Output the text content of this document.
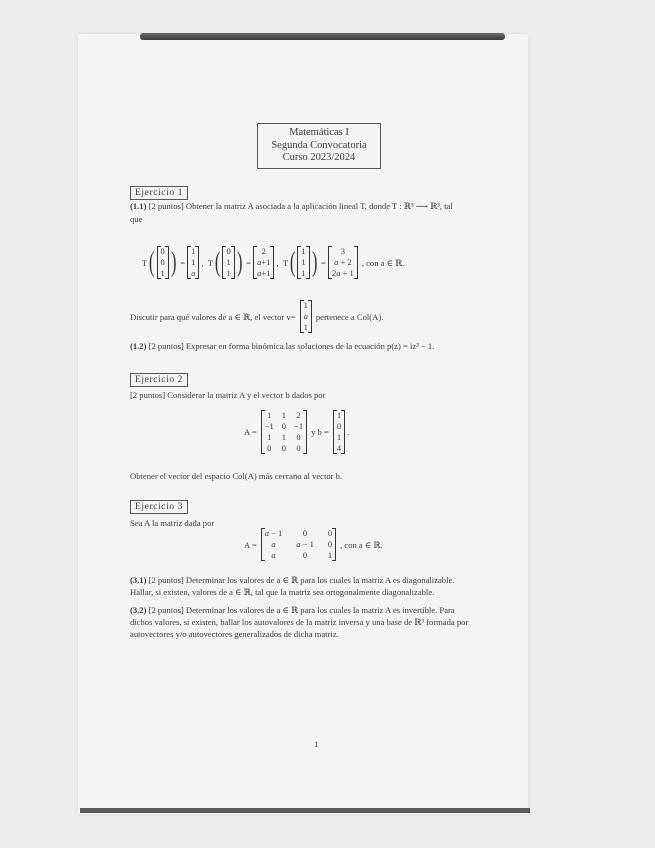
Matemáticas I
Segunda Convocatoria
Curso 2023/2024
Ejercicio 1
(1.1) [2 puntos] Obtener la matriz A asociada a la aplicación lineal T, donde T : ℝ³ ⟶ ℝ³, tal
que
T ( 0
0
1 ) =
1
1
a
,  T ( 0
1
1 ) =
2
a+1
a+1
,  T ( 1
1
1 ) =
3
a + 2
2a + 1
, con a ∈ ℝ.
Discutir para qué valores de a ∈ ℝ, el vector v=
1
a
1
pertenece a Col(A).
(1.2) [2 puntos] Expresar en forma binómica las soluciones de la ecuación p(z) = iz³ − 1.
Ejercicio 2
[2 puntos] Considerar la matriz A y el vector b dados por
A =
1 1 2
−1 0 −1
1 1 0
0 0 0
y b =
1
0
1
4
.
Obtener el vector del espacio Col(A) más cercano al vector b.
Ejercicio 3
Sea A la matriz dada por
A =
a − 1 0 0
a a − 1 0
a	0 1
, con a ∈ ℝ.
(3.1) [2 puntos] Determinar los valores de a ∈ ℝ para los cuales la matriz A es diagonalizable.
Hallar, si existen, valores de a ∈ ℝ, tal que la matriz sea ortogonalmente diagonalizable.
(3.2) [2 puntos] Determinar los valores de a ∈ ℝ para los cuales la matriz A es invertible. Para
dichos valores, si existen, hallar los autovalores de la matriz inversa y una base de ℝ³ formada por
autovectores y/o autovectores generalizados de dicha matriz.
1
